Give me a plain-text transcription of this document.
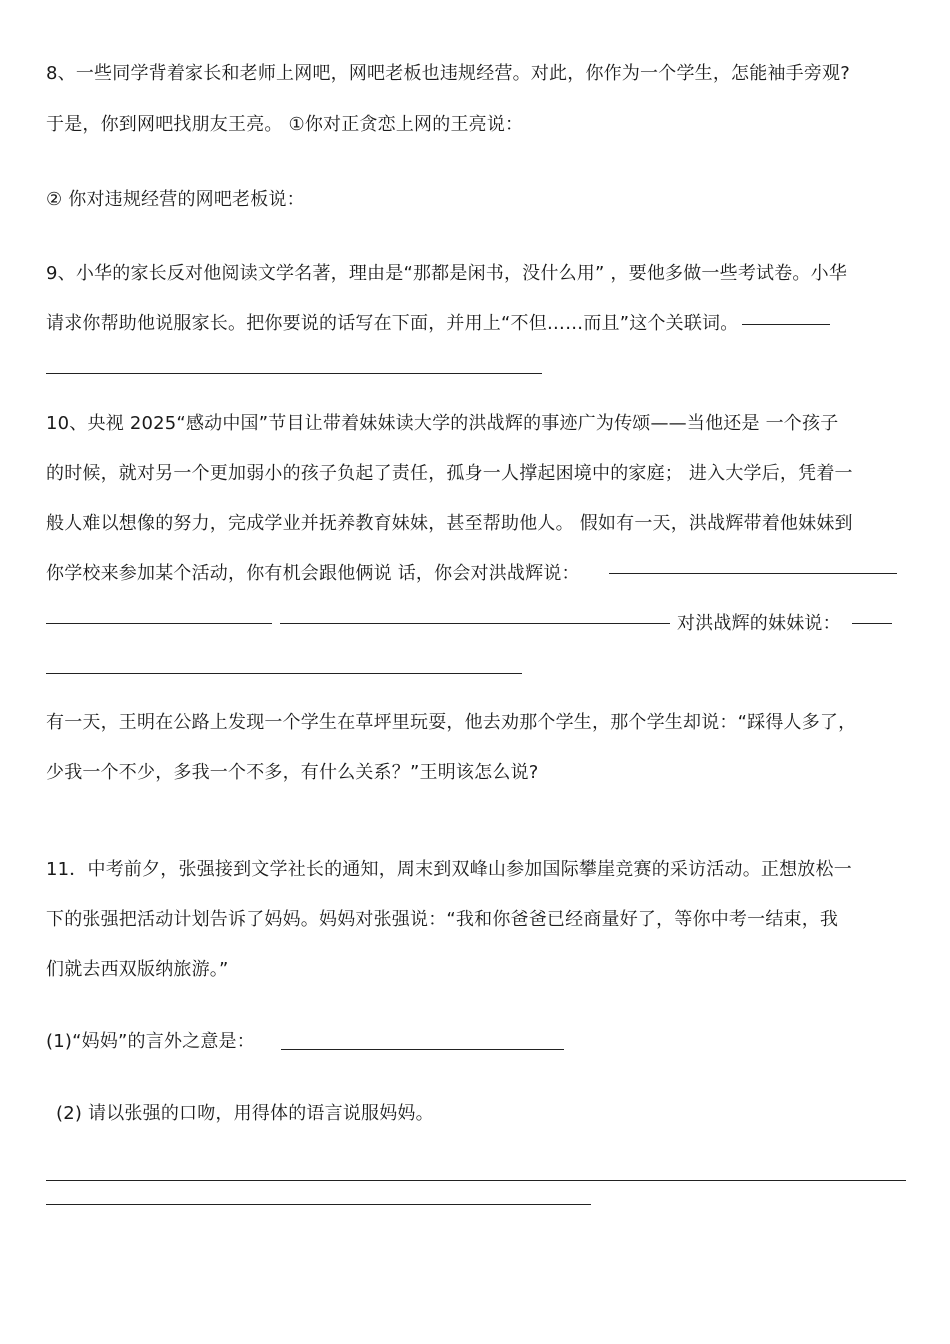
8、一些同学背着家长和老师上网吧，网吧老板也违规经营。对此，你作为一个学生，怎能袖手旁观?
于是，你到网吧找朋友王亮。 ①你对正贪恋上网的王亮说：
② 你对违规经营的网吧老板说：
9、小华的家长反对他阅读文学名著，理由是“那都是闲书，没什么用” ，要他多做一些考试卷。小华
请求你帮助他说服家长。把你要说的话写在下面，并用上“不但……而且”这个关联词。
10、央视 2025“感动中国”节目让带着妹妹读大学的洪战辉的事迹广为传颂——当他还是 一个孩子
的时候，就对另一个更加弱小的孩子负起了责任，孤身一人撑起困境中的家庭； 进入大学后，凭着一
般人难以想像的努力，完成学业并抚养教育妹妹，甚至帮助他人。 假如有一天，洪战辉带着他妹妹到
你学校来参加某个活动，你有机会跟他俩说 话，你会对洪战辉说：
对洪战辉的妹妹说：
有一天，王明在公路上发现一个学生在草坪里玩耍，他去劝那个学生，那个学生却说：“踩得人多了，
少我一个不少，多我一个不多，有什么关系？”王明该怎么说?
11．中考前夕，张强接到文学社长的通知，周末到双峰山参加国际攀崖竞赛的采访活动。正想放松一
下的张强把活动计划告诉了妈妈。妈妈对张强说：“我和你爸爸已经商量好了，等你中考一结束，我
们就去西双版纳旅游。”
(1)“妈妈”的言外之意是：
(2) 请以张强的口吻，用得体的语言说服妈妈。
